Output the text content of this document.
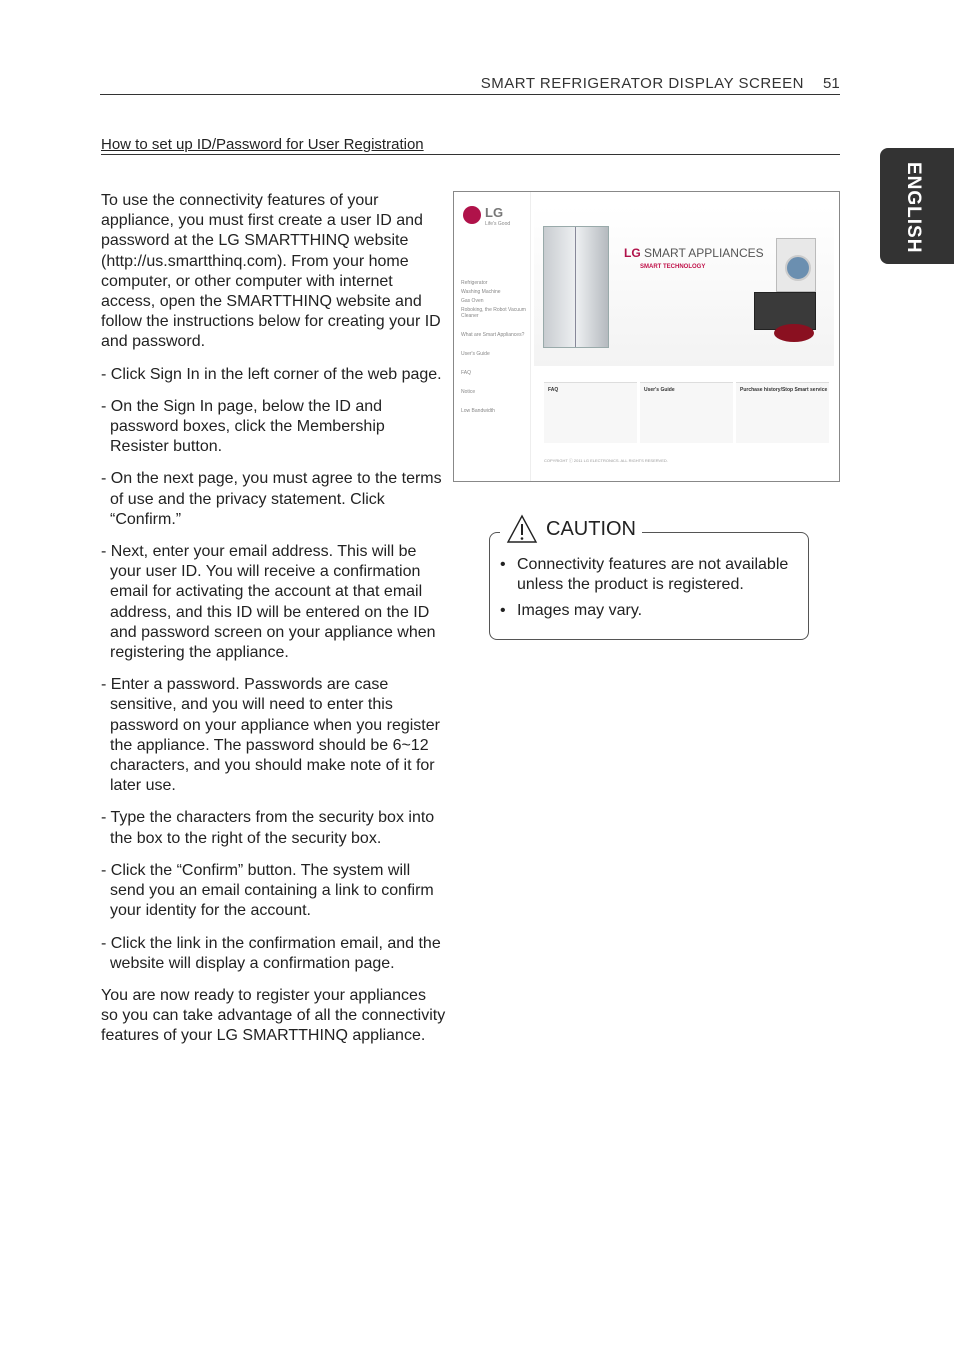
SMART REFRIGERATOR DISPLAY SCREEN 51
ENGLISH
How to set up ID/Password for User Registration

To use the connectivity features of your appliance, you must first create a user ID and password at the LG SMARTTHINQ website (http://us.smartthinq.com). From your home computer, or other computer with internet access, open the SMARTTHINQ website and follow the instructions below for creating your ID and password.

- Click Sign In in the left corner of the web page.

- On the Sign In page, below the ID and password boxes, click the Membership Resister button.

- On the next page, you must agree to the terms of use and the privacy statement. Click “Confirm.”

- Next, enter your email address. This will be your user ID. You will receive a confirmation email for activating the account at that email address, and this ID will be entered on the ID and password screen on your appliance when registering the appliance.

- Enter a password. Passwords are case sensitive, and you will need to enter this password on your appliance when you register the appliance. The password should be 6~12 characters, and you should make note of it for later use.

- Type the characters from the security box into the box to the right of the security box.

- Click the “Confirm” button. The system will send you an email containing a link to confirm your identity for the account.

- Click the link in the confirmation email, and the website will display a confirmation page.

You are now ready to register your appliances so you can take advantage of all the connectivity features of your LG SMARTTHINQ appliance.

LG
Life's Good
Refrigerator
Washing Machine
Gas Oven
Roboking, the Robot Vacuum Cleaner
What are Smart Appliances?
User's Guide
FAQ
Notice
Low Bandwidth
LG SMART APPLIANCES
SMART TECHNOLOGY
FAQ	User's Guide	Purchase history/Stop Smart service
COPYRIGHT ⓒ 2011 LG ELECTRONICS. ALL RIGHTS RESERVED.
• Connectivity features are not available unless the product is registered.
• Images may vary.
CAUTION
